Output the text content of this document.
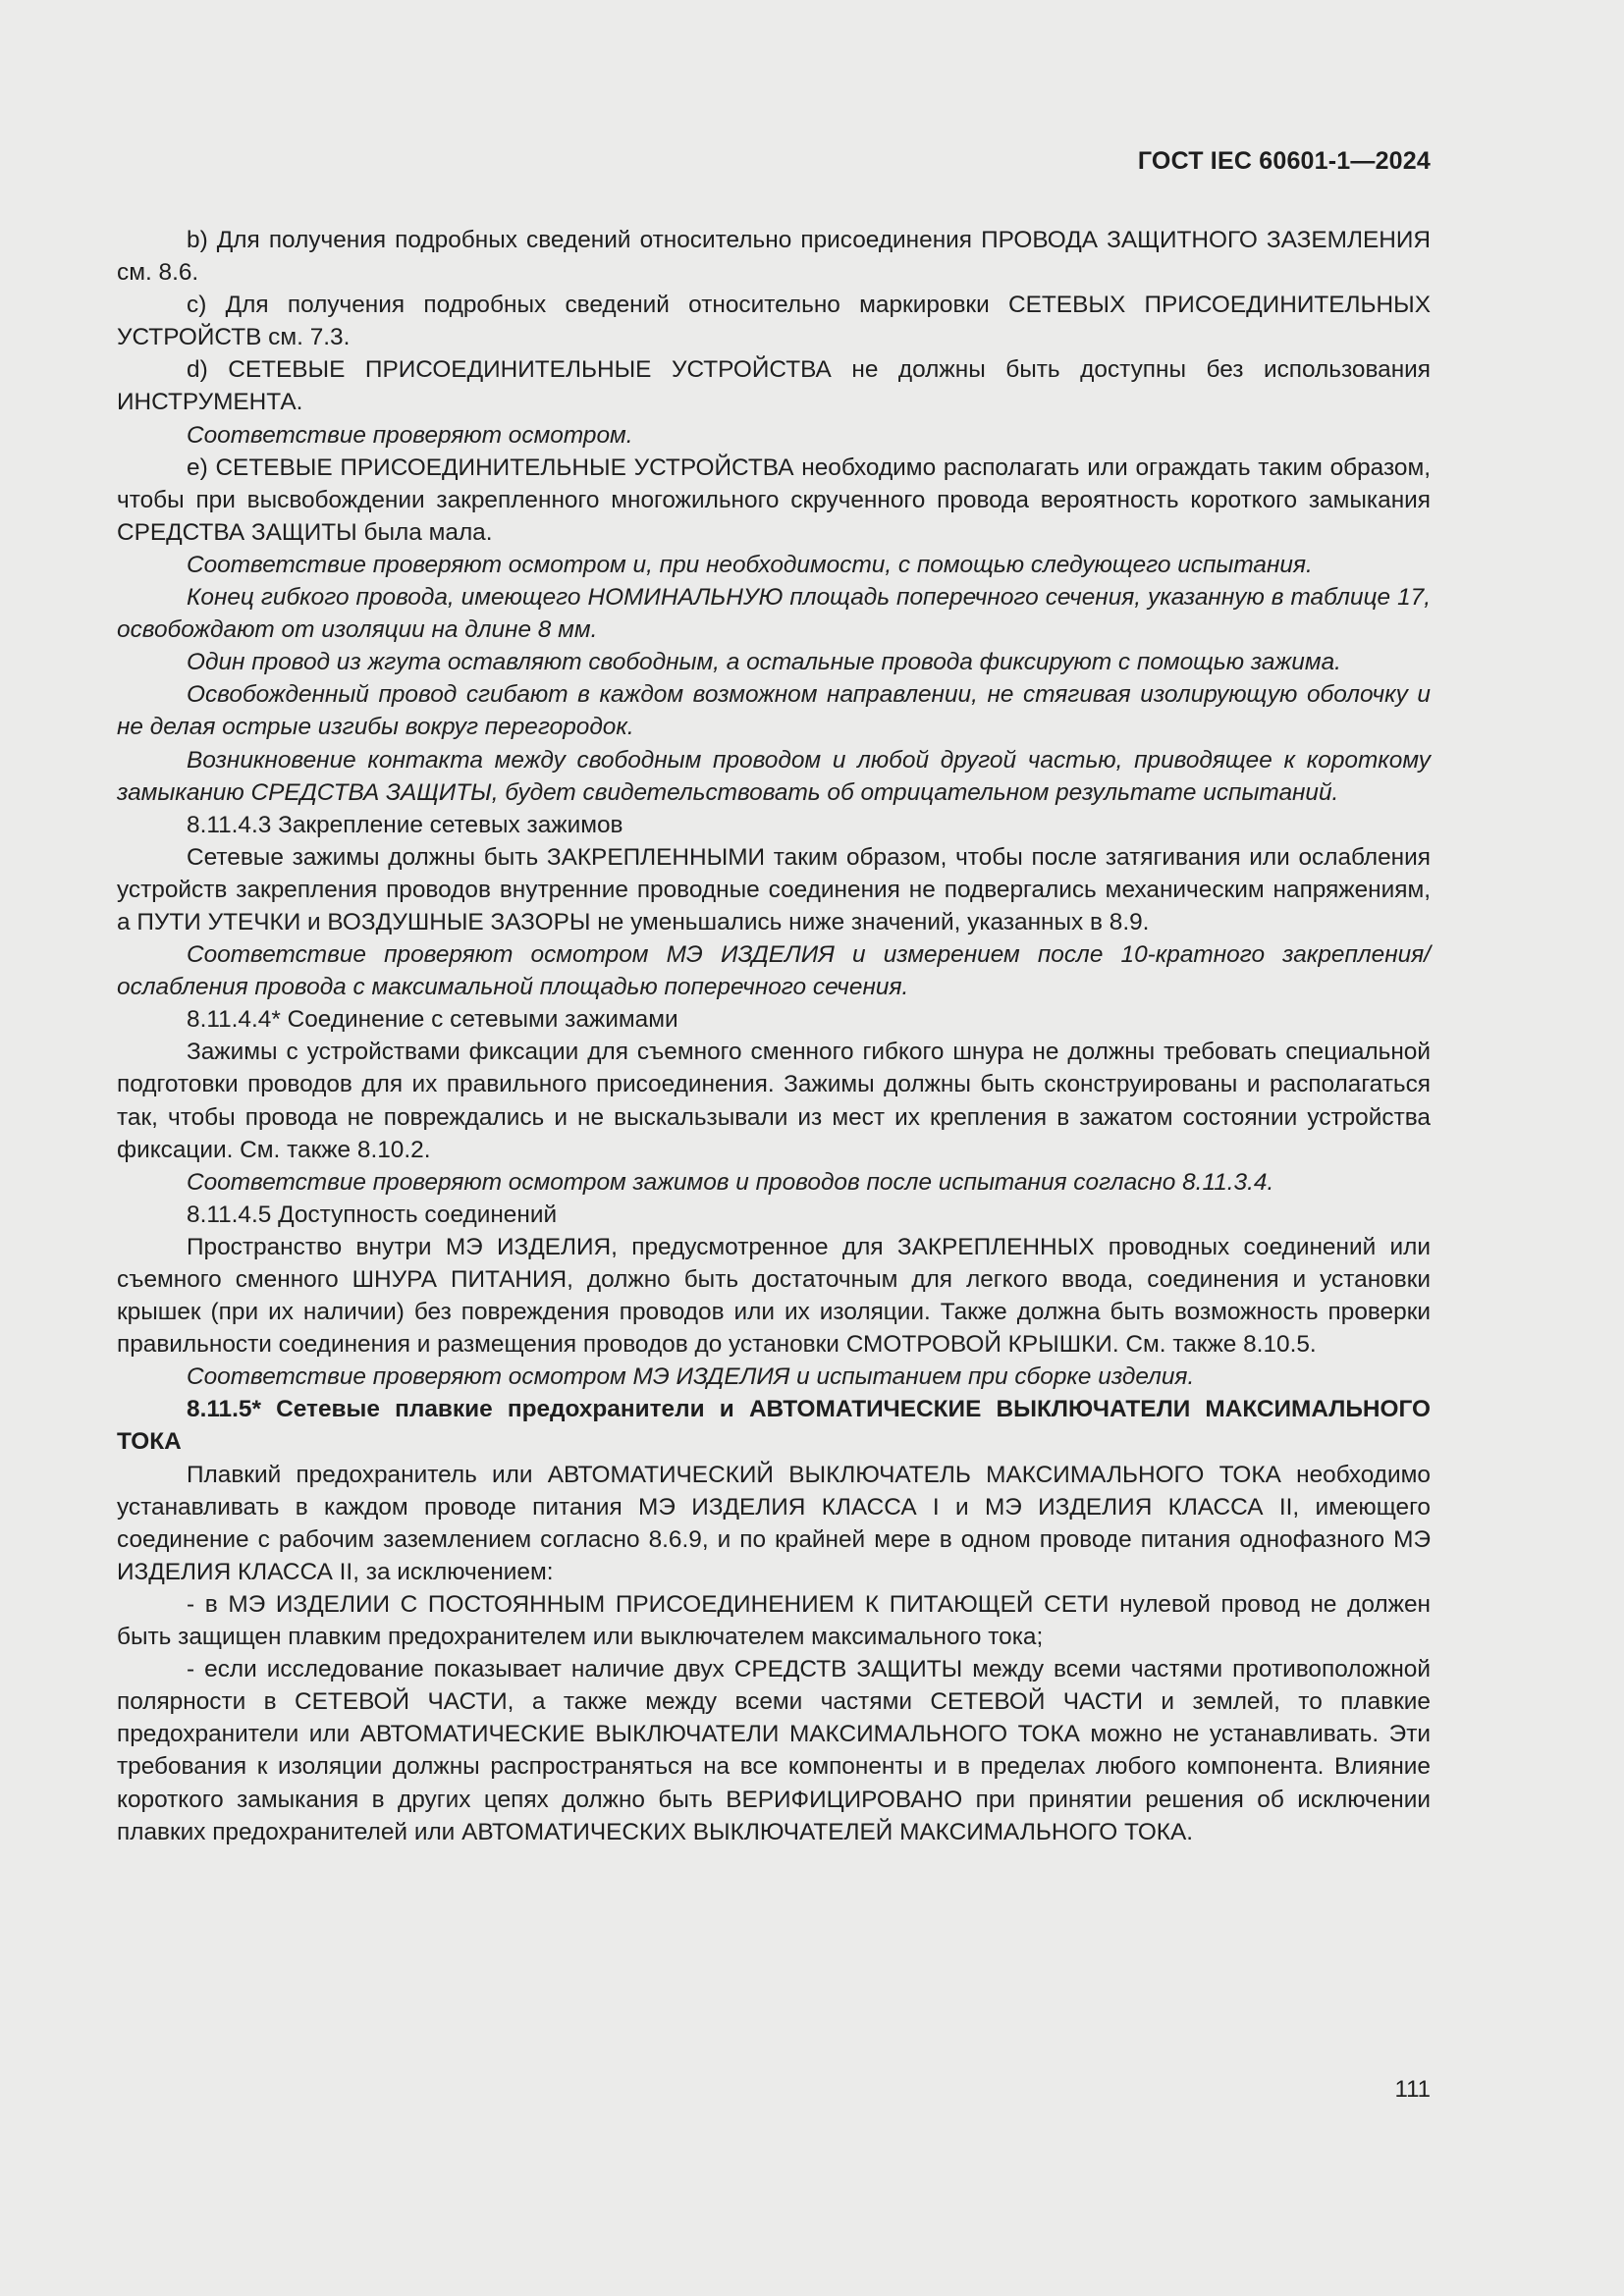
ГОСТ IEC 60601-1—2024

b) Для получения подробных сведений относительно присоединения ПРОВОДА ЗАЩИТНОГО ЗАЗЕМЛЕНИЯ см. 8.6.

c) Для получения подробных сведений относительно маркировки СЕТЕВЫХ ПРИСОЕДИНИТЕЛЬНЫХ УСТРОЙСТВ см. 7.3.

d) СЕТЕВЫЕ ПРИСОЕДИНИТЕЛЬНЫЕ УСТРОЙСТВА не должны быть доступны без использования ИНСТРУМЕНТА.

Соответствие проверяют осмотром.

e) СЕТЕВЫЕ ПРИСОЕДИНИТЕЛЬНЫЕ УСТРОЙСТВА необходимо располагать или ограждать таким образом, чтобы при высвобождении закрепленного многожильного скрученного провода вероятность короткого замыкания СРЕДСТВА ЗАЩИТЫ была мала.

Соответствие проверяют осмотром и, при необходимости, с помощью следующего испытания.

Конец гибкого провода, имеющего НОМИНАЛЬНУЮ площадь поперечного сечения, указанную в таблице 17, освобождают от изоляции на длине 8 мм.

Один провод из жгута оставляют свободным, а остальные провода фиксируют с помощью зажима.

Освобожденный провод сгибают в каждом возможном направлении, не стягивая изолирующую оболочку и не делая острые изгибы вокруг перегородок.

Возникновение контакта между свободным проводом и любой другой частью, приводящее к короткому замыканию СРЕДСТВА ЗАЩИТЫ, будет свидетельствовать об отрицательном результате испытаний.

8.11.4.3 Закрепление сетевых зажимов

Сетевые зажимы должны быть ЗАКРЕПЛЕННЫМИ таким образом, чтобы после затягивания или ослабления устройств закрепления проводов внутренние проводные соединения не подвергались механическим напряжениям, а ПУТИ УТЕЧКИ и ВОЗДУШНЫЕ ЗАЗОРЫ не уменьшались ниже значений, указанных в 8.9.

Соответствие проверяют осмотром МЭ ИЗДЕЛИЯ и измерением после 10-кратного закрепления/ослабления провода с максимальной площадью поперечного сечения.

8.11.4.4* Соединение с сетевыми зажимами

Зажимы с устройствами фиксации для съемного сменного гибкого шнура не должны требовать специальной подготовки проводов для их правильного присоединения. Зажимы должны быть сконструированы и располагаться так, чтобы провода не повреждались и не выскальзывали из мест их крепления в зажатом состоянии устройства фиксации. См. также 8.10.2.

Соответствие проверяют осмотром зажимов и проводов после испытания согласно 8.11.3.4.

8.11.4.5 Доступность соединений

Пространство внутри МЭ ИЗДЕЛИЯ, предусмотренное для ЗАКРЕПЛЕННЫХ проводных соединений или съемного сменного ШНУРА ПИТАНИЯ, должно быть достаточным для легкого ввода, соединения и установки крышек (при их наличии) без повреждения проводов или их изоляции. Также должна быть возможность проверки правильности соединения и размещения проводов до установки СМОТРОВОЙ КРЫШКИ. См. также 8.10.5.

Соответствие проверяют осмотром МЭ ИЗДЕЛИЯ и испытанием при сборке изделия.

8.11.5* Сетевые плавкие предохранители и АВТОМАТИЧЕСКИЕ ВЫКЛЮЧАТЕЛИ МАКСИМАЛЬНОГО ТОКА

Плавкий предохранитель или АВТОМАТИЧЕСКИЙ ВЫКЛЮЧАТЕЛЬ МАКСИМАЛЬНОГО ТОКА необходимо устанавливать в каждом проводе питания МЭ ИЗДЕЛИЯ КЛАССА I и МЭ ИЗДЕЛИЯ КЛАССА II, имеющего соединение с рабочим заземлением согласно 8.6.9, и по крайней мере в одном проводе питания однофазного МЭ ИЗДЕЛИЯ КЛАССА II, за исключением:

- в МЭ ИЗДЕЛИИ С ПОСТОЯННЫМ ПРИСОЕДИНЕНИЕМ К ПИТАЮЩЕЙ СЕТИ нулевой провод не должен быть защищен плавким предохранителем или выключателем максимального тока;

- если исследование показывает наличие двух СРЕДСТВ ЗАЩИТЫ между всеми частями противоположной полярности в СЕТЕВОЙ ЧАСТИ, а также между всеми частями СЕТЕВОЙ ЧАСТИ и землей, то плавкие предохранители или АВТОМАТИЧЕСКИЕ ВЫКЛЮЧАТЕЛИ МАКСИМАЛЬНОГО ТОКА можно не устанавливать. Эти требования к изоляции должны распространяться на все компоненты и в пределах любого компонента. Влияние короткого замыкания в других цепях должно быть ВЕРИФИЦИРОВАНО при принятии решения об исключении плавких предохранителей или АВТОМАТИЧЕСКИХ ВЫКЛЮЧАТЕЛЕЙ МАКСИМАЛЬНОГО ТОКА.

111
